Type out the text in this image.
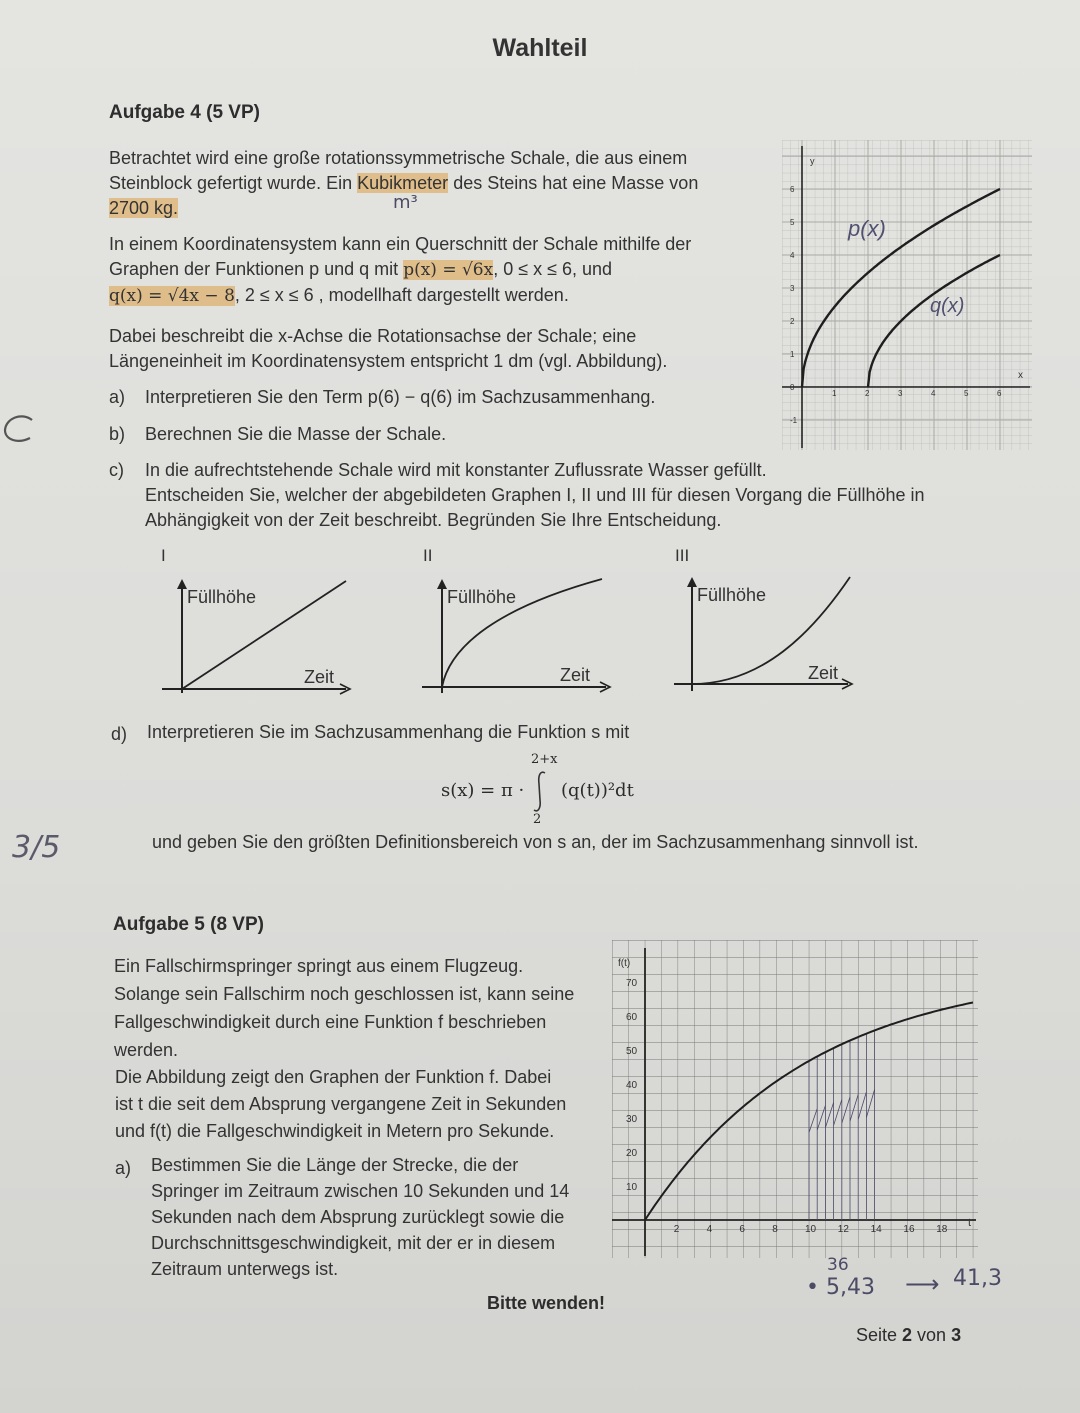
Wahlteil
Aufgabe 4 (5 VP)
Betrachtet wird eine große rotationssymmetrische Schale, die aus einem
Steinblock gefertigt wurde. Ein Kubikmeter des Steins hat eine Masse von
2700 kg.	m³
In einem Koordinatensystem kann ein Querschnitt der Schale mithilfe der
Graphen der Funktionen p und q mit p(x) = √6x, 0 ≤ x ≤ 6, und
q(x) = √4x − 8, 2 ≤ x ≤ 6 , modellhaft dargestellt werden.
Dabei beschreibt die x-Achse die Rotationsachse der Schale; eine
Längeneinheit im Koordinatensystem entspricht 1 dm (vgl. Abbildung).
a) Interpretieren Sie den Term p(6) − q(6) im Sachzusammenhang.
b) Berechnen Sie die Masse der Schale.
c) In die aufrechtstehende Schale wird mit konstanter Zuflussrate Wasser gefüllt.
Entscheiden Sie, welcher der abgebildeten Graphen I, II und III für diesen Vorgang die Füllhöhe in
Abhängigkeit von der Zeit beschreibt. Begründen Sie Ihre Entscheidung.
3/5
6
5
4
3
2
1
0
-1
1	2	3	4	5	6
y
x
p(x)
q(x)
I	II	III
Füllhöhe
Zeit
Füllhöhe
Zeit
Füllhöhe
Zeit
d) Interpretieren Sie im Sachzusammenhang die Funktion s mit
2+x
s(x) = π ·
2
(q(t))²dt
und geben Sie den größten Definitionsbereich von s an, der im Sachzusammenhang sinnvoll ist.
Aufgabe 5 (8 VP)
Ein Fallschirmspringer springt aus einem Flugzeug.
Solange sein Fallschirm noch geschlossen ist, kann seine
Fallgeschwindigkeit durch eine Funktion f beschrieben
werden.
Die Abbildung zeigt den Graphen der Funktion f. Dabei
ist t die seit dem Absprung vergangene Zeit in Sekunden
und f(t) die Fallgeschwindigkeit in Metern pro Sekunde.
a) Bestimmen Sie die Länge der Strecke, die der
Springer im Zeitraum zwischen 10 Sekunden und 14
Sekunden nach dem Absprung zurücklegt sowie die
Durchschnittsgeschwindigkeit, mit der er in diesem
Zeitraum unterwegs ist.
70
60
50
40
30
20
10
2	4	6	8	10 12 14 16 18
f(t)
t
36
• 5,43 ⟶ 41,3
Bitte wenden!
Seite 2 von 3
